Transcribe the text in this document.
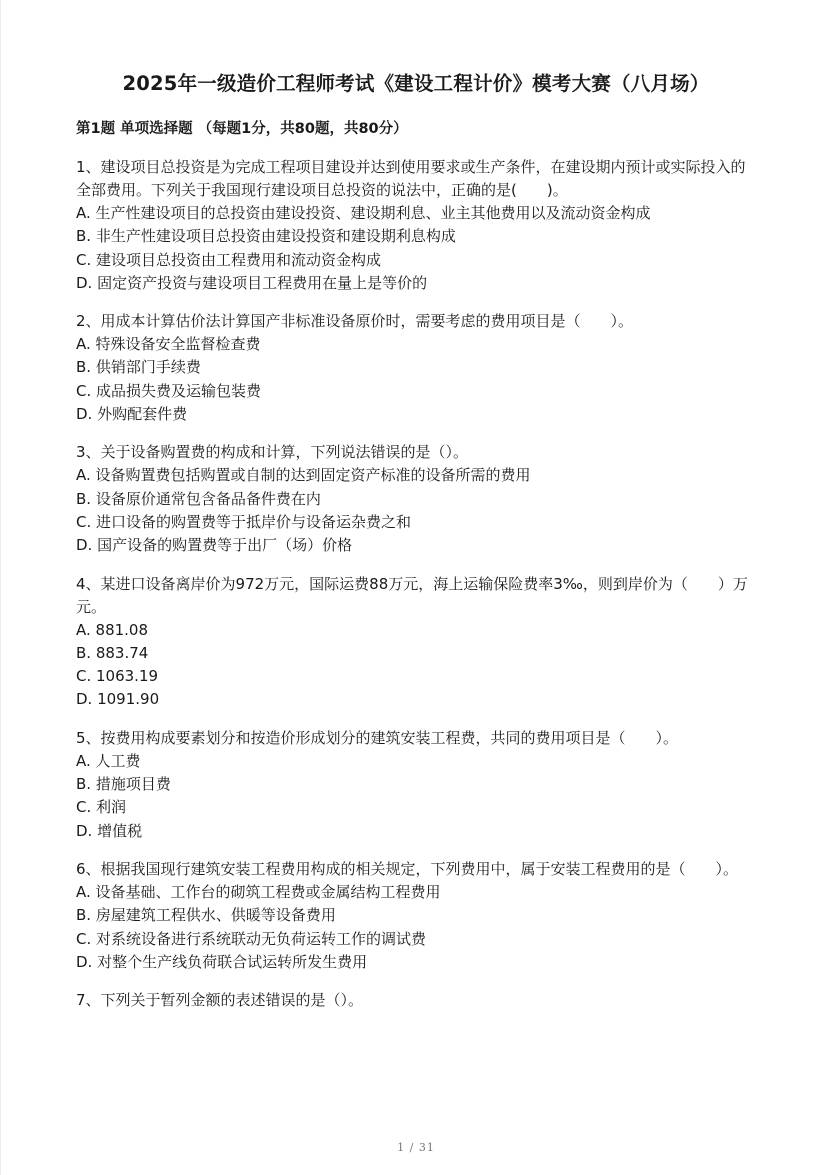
2025年一级造价工程师考试《建设工程计价》模考大赛（八月场）
第1题 单项选择题 （每题1分，共80题，共80分）

1、建设项目总投资是为完成工程项目建设并达到使用要求或生产条件，在建设期内预计或实际投入的全部费用。下列关于我国现行建设项目总投资的说法中，正确的是(　　)。

A. 生产性建设项目的总投资由建设投资、建设期利息、业主其他费用以及流动资金构成

B. 非生产性建设项目总投资由建设投资和建设期利息构成

C. 建设项目总投资由工程费用和流动资金构成

D. 固定资产投资与建设项目工程费用在量上是等价的

2、用成本计算估价法计算国产非标准设备原价时，需要考虑的费用项目是（　　）。

A. 特殊设备安全监督检查费

B. 供销部门手续费

C. 成品损失费及运输包装费

D. 外购配套件费

3、关于设备购置费的构成和计算，下列说法错误的是（）。

A. 设备购置费包括购置或自制的达到固定资产标准的设备所需的费用

B. 设备原价通常包含备品备件费在内

C. 进口设备的购置费等于抵岸价与设备运杂费之和

D. 国产设备的购置费等于出厂（场）价格

4、某进口设备离岸价为972万元，国际运费88万元，海上运输保险费率3‰，则到岸价为（　　）万元。

A. 881.08

B. 883.74

C. 1063.19

D. 1091.90

5、按费用构成要素划分和按造价形成划分的建筑安装工程费，共同的费用项目是（　　）。

A. 人工费

B. 措施项目费

C. 利润

D. 增值税

6、根据我国现行建筑安装工程费用构成的相关规定，下列费用中，属于安装工程费用的是（　　）。

A. 设备基础、工作台的砌筑工程费或金属结构工程费用

B. 房屋建筑工程供水、供暖等设备费用

C. 对系统设备进行系统联动无负荷运转工作的调试费

D. 对整个生产线负荷联合试运转所发生费用

7、下列关于暂列金额的表述错误的是（）。

1 / 31
